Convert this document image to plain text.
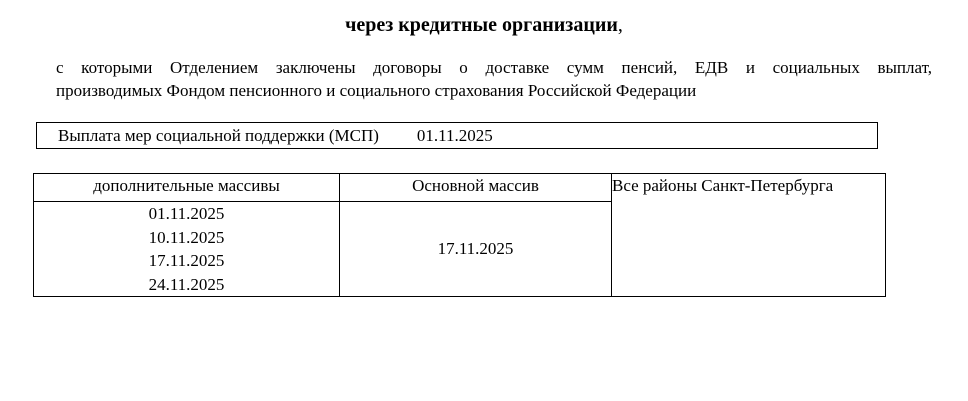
через кредитные организации,
с которыми Отделением заключены договоры о доставке сумм пенсий, ЕДВ и социальных выплат,
производимых Фондом пенсионного и социального страхования Российской Федерации
Выплата мер социальной поддержки (МСП) 01.11.2025
дополнительные массивы	Основной массив	Все районы Санкт-Петербурга

01.11.2025
10.11.2025
17.11.2025
24.11.2025	17.11.2025	
